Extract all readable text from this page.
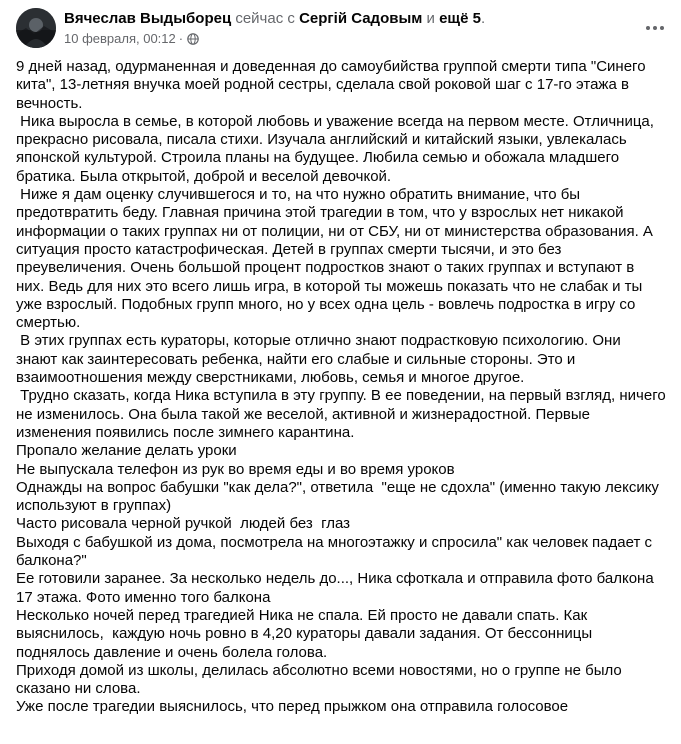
Вячеслав Выдыборец сейчас с Сергій Садовым и ещё 5.
10 февраля, 00:12 ·

9 дней назад, одурманенная и доведенная до самоубийства группой смерти типа "Синего кита", 13-летняя внучка моей родной сестры, сделала свой роковой шаг с 17-го этажа в вечность.

Ника выросла в семье, в которой любовь и уважение всегда на первом месте. Отличница, прекрасно рисовала, писала стихи. Изучала английский и китайский языки, увлекалась японской культурой. Строила планы на будущее. Любила семью и обожала младшего братика. Была открытой, доброй и веселой девочкой.

Ниже я дам оценку случившегося и то, на что нужно обратить внимание, что бы предотвратить беду. Главная причина этой трагедии в том, что у взрослых нет никакой информации о таких группах ни от полиции, ни от СБУ, ни от министерства образования. А ситуация просто катастрофическая. Детей в группах смерти тысячи, и это без преувеличения. Очень большой процент подростков знают о таких группах и вступают в них. Ведь для них это всего лишь игра, в которой ты можешь показать что не слабак и ты уже взрослый. Подобных групп много, но у всех одна цель - вовлечь подростка в игру со смертью.

В этих группах есть кураторы, которые отлично знают подрастковую психологию. Они знают как заинтересовать ребенка, найти его слабые и сильные стороны. Это и взаимоотношения между сверстниками, любовь, семья и многое другое.

Трудно сказать, когда Ника вступила в эту группу. В ее поведении, на первый взгляд, ничего не изменилось. Она была такой же веселой, активной и жизнерадостной. Первые изменения появились после зимнего карантина.

Пропало желание делать уроки

Не выпускала телефон из рук во время еды и во время уроков

Однажды на вопрос бабушки "как дела?", ответила  "еще не сдохла" (именно такую лексику используют в группах)

Часто рисовала черной ручкой  людей без  глаз

Выходя с бабушкой из дома, посмотрела на многоэтажку и спросила" как человек падает с балкона?"

Ее готовили заранее. За несколько недель до..., Ника сфоткала и отправила фото балкона 17 этажа. Фото именно того балкона

Несколько ночей перед трагедией Ника не спала. Ей просто не давали спать. Как выяснилось,  каждую ночь ровно в 4,20 кураторы давали задания. От бессонницы поднялось давление и очень болела голова.

Приходя домой из школы, делилась абсолютно всеми новостями, но о группе не было сказано ни слова.

Уже после трагедии выяснилось, что перед прыжком она отправила голосовое
